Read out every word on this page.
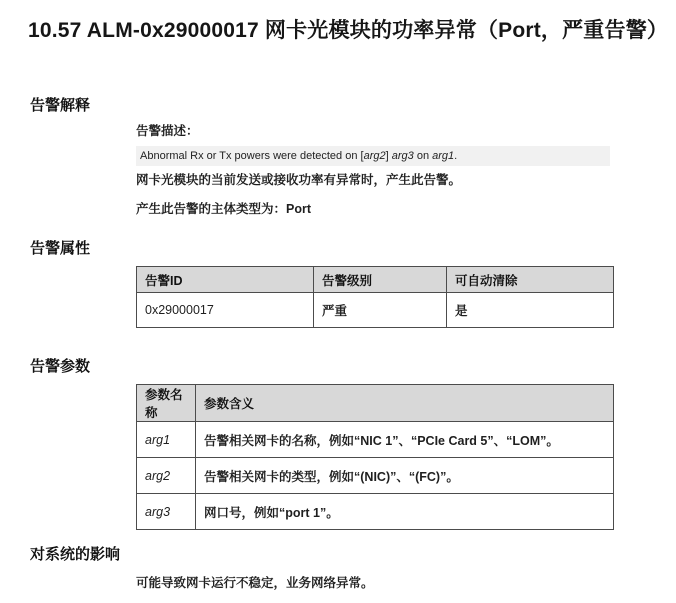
10.57 ALM-0x29000017 网卡光模块的功率异常（Port，严重告警）
告警解释
告警描述：
Abnormal Rx or Tx powers were detected on [arg2] arg3 on arg1.

网卡光模块的当前发送或接收功率有异常时，产生此告警。

产生此告警的主体类型为：Port

告警属性
告警ID	告警级别	可自动清除
0x29000017	严重	是
告警参数
参数名称	参数含义
arg1	告警相关网卡的名称，例如“NIC 1”、“PCIe Card 5”、“LOM”。
arg2	告警相关网卡的类型，例如“(NIC)”、“(FC)”。
arg3	网口号，例如“port 1”。
对系统的影响

可能导致网卡运行不稳定，业务网络异常。
